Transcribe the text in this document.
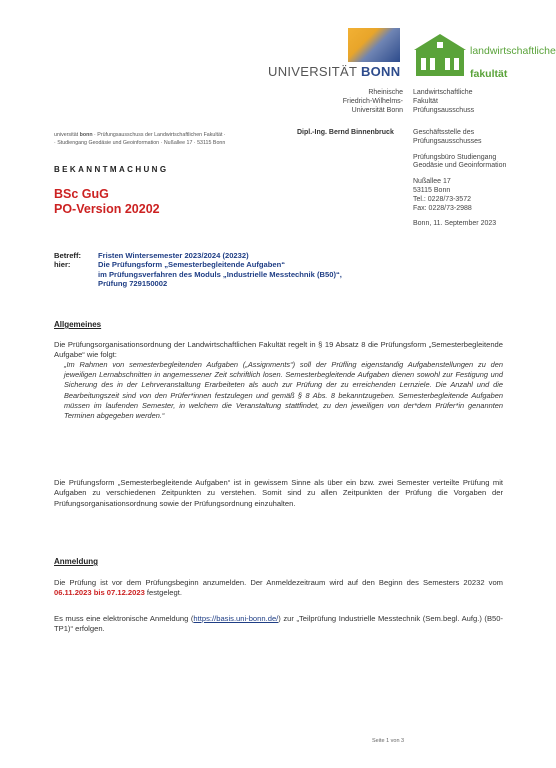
UNIVERSITÄT BONN
landwirtschaftliche
fakultät
Rheinische
Friedrich-Wilhelms-
Universität Bonn
Landwirtschaftliche
Fakultät
Prüfungsausschuss
universität bonn · Prüfungsausschuss der Landwirtschaftlichen Fakultät ·
· Studiengang Geodäsie und Geoinformation · Nußallee 17 · 53115 Bonn
Dipl.-Ing. Bernd Binnenbruck	Geschäftsstelle des
Prüfungsausschusses
Prüfungsbüro Studiengang
Geodäsie und Geoinformation
Nußallee 17
53115 Bonn
Tel.: 0228/73-3572
Fax: 0228/73-2988
Bonn, 11. September 2023
BEKANNTMACHUNG
BSc GuG
PO-Version 20202
Betreff: Fristen Wintersemester 2023/2024 (20232)
hier:	Die Prüfungsform „Semesterbegleitende Aufgaben“
im Prüfungsverfahren des Moduls „Industrielle Messtechnik (B50)“,
Prüfung 729150002
Allgemeines
Die Prüfungsorganisationsordnung der Landwirtschaftlichen Fakultät regelt in § 19 Absatz 8 die Prüfungsform „Semesterbegleitende Aufgabe“ wie folgt:
„Im Rahmen von semesterbegleitenden Aufgaben („Assignments“) soll der Prüfling eigenstandig Aufgabenstellungen zu den jeweiligen Lernabschnitten in angemessener Zeit schriftlich losen. Semesterbegleitende Aufgaben dienen sowohl zur Festigung und Sicherung des in der Lehrveranstaltung Erarbeiteten als auch zur Prüfung der zu erreichenden Lernziele. Die Anzahl und die Bearbeitungszeit sind von den Prüfer*innen festzulegen und gemäß § 8 Abs. 8 bekanntzugeben. Semesterbegleitende Aufgaben müssen im laufenden Semester, in welchem die Veranstaltung stattfindet, zu den jeweiligen von der*dem Prüfer*in genannten Terminen abgegeben werden.“
Die Prüfungsform „Semesterbegleitende Aufgaben“ ist in gewissem Sinne als über ein bzw. zwei Semester verteilte Prüfung mit Aufgaben zu verschiedenen Zeitpunkten zu verstehen. Somit sind zu allen Zeitpunkten der Prüfung die Vorgaben der Prüfungsorganisationsordnung sowie der Prüfungsordnung einzuhalten.
Anmeldung
Die Prüfung ist vor dem Prüfungsbeginn anzumelden. Der Anmeldezeitraum wird auf den Beginn des Semesters 20232 vom 06.11.2023 bis 07.12.2023 festgelegt.
Es muss eine elektronische Anmeldung (https://basis.uni-bonn.de/) zur „Teilprüfung Industrielle Messtechnik (Sem.begl. Aufg.) (B50-TP1)“ erfolgen.
Seite 1 von 3
